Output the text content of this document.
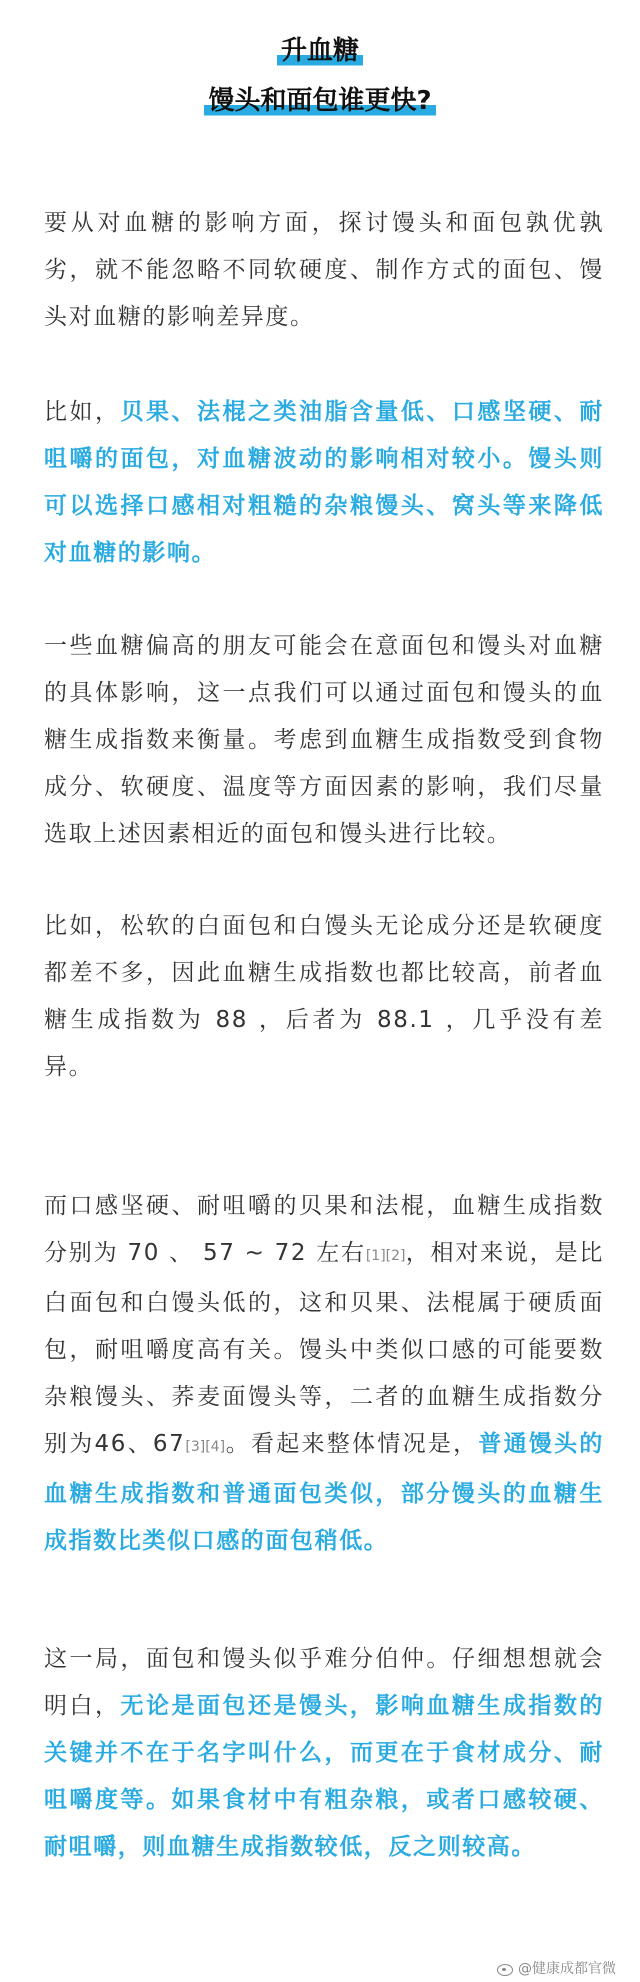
升血糖
馒头和面包谁更快?

要从对血糖的影响方面，探讨馒头和面包孰优孰劣，就不能忽略不同软硬度、制作方式的面包、馒头对血糖的影响差异度。

比如，贝果、法棍之类油脂含量低、口感坚硬、耐咀嚼的面包，对血糖波动的影响相对较小。馒头则可以选择口感相对粗糙的杂粮馒头、窝头等来降低对血糖的影响。

一些血糖偏高的朋友可能会在意面包和馒头对血糖的具体影响，这一点我们可以通过面包和馒头的血糖生成指数来衡量。考虑到血糖生成指数受到食物成分、软硬度、温度等方面因素的影响，我们尽量选取上述因素相近的面包和馒头进行比较。

比如，松软的白面包和白馒头无论成分还是软硬度都差不多，因此血糖生成指数也都比较高，前者血糖生成指数为 88 ，后者为 88.1 ，几乎没有差异。

而口感坚硬、耐咀嚼的贝果和法棍，血糖生成指数分别为 70 、 57 ~ 72 左右[1][2]，相对来说，是比白面包和白馒头低的，这和贝果、法棍属于硬质面包，耐咀嚼度高有关。馒头中类似口感的可能要数杂粮馒头、荞麦面馒头等，二者的血糖生成指数分别为46、67[3][4]。看起来整体情况是，普通馒头的血糖生成指数和普通面包类似，部分馒头的血糖生成指数比类似口感的面包稍低。

这一局，面包和馒头似乎难分伯仲。仔细想想就会明白，无论是面包还是馒头，影响血糖生成指数的关键并不在于名字叫什么，而更在于食材成分、耐咀嚼度等。如果食材中有粗杂粮，或者口感较硬、耐咀嚼，则血糖生成指数较低，反之则较高。

@健康成都官微
